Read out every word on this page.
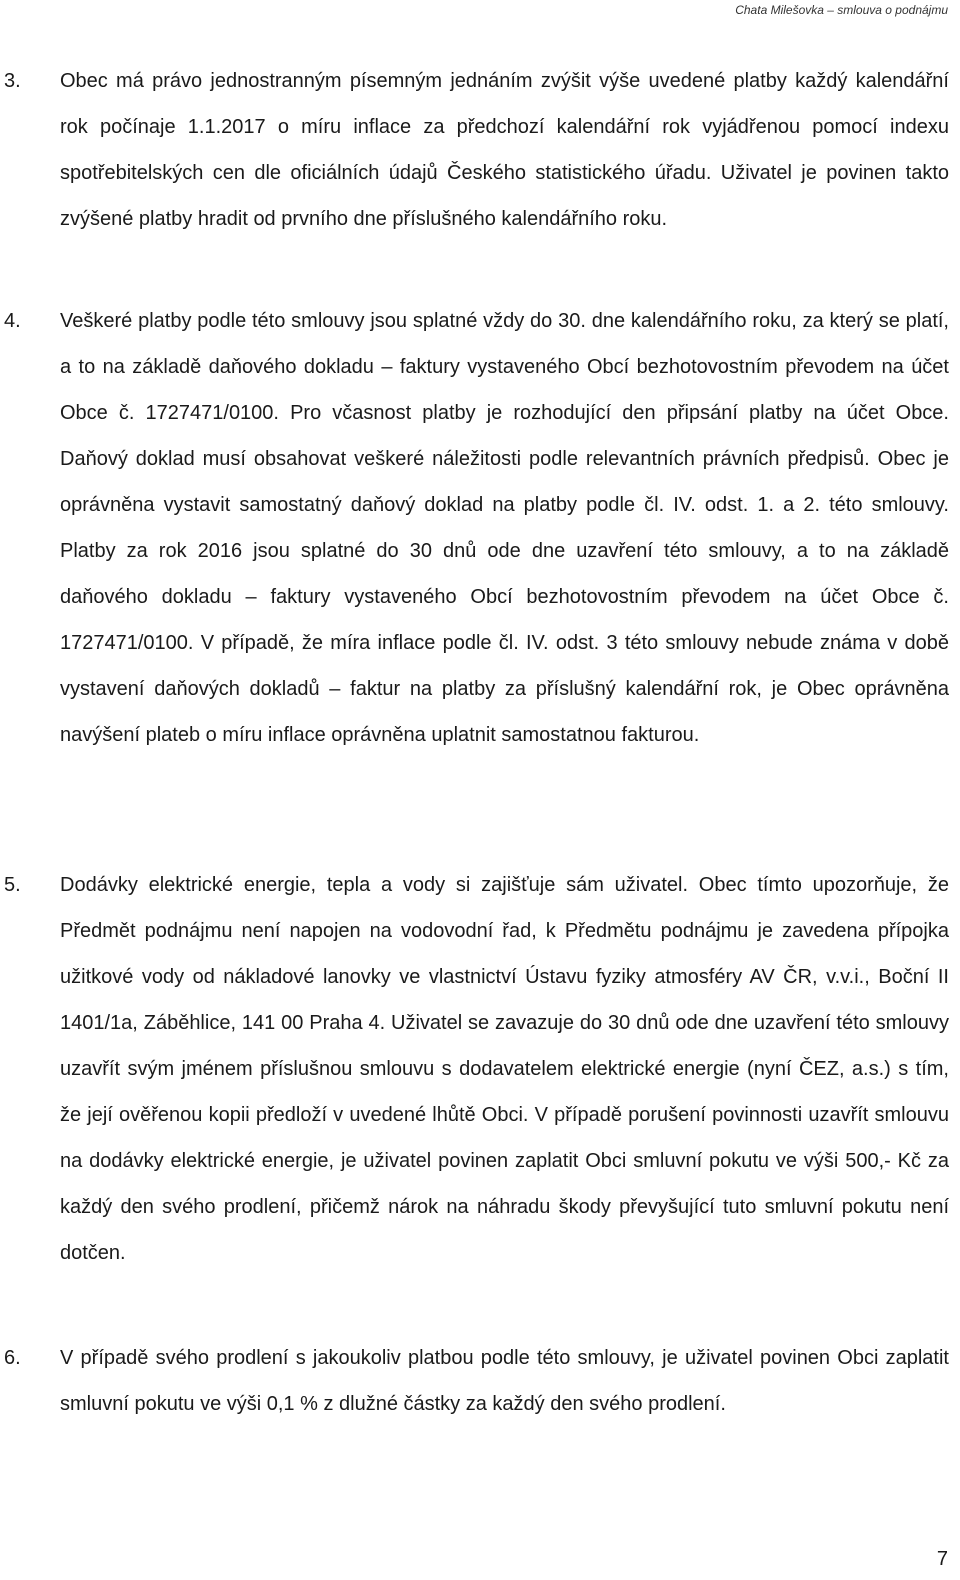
Chata Milešovka – smlouva o podnájmu
3. Obec má právo jednostranným písemným jednáním zvýšit výše uvedené platby každý kalendářní rok počínaje 1.1.2017 o míru inflace za předchozí kalendářní rok vyjádřenou pomocí indexu spotřebitelských cen dle oficiálních údajů Českého statistického úřadu. Uživatel je povinen takto zvýšené platby hradit od prvního dne příslušného kalendářního roku.

4. Veškeré platby podle této smlouvy jsou splatné vždy do 30. dne kalendářního roku, za který se platí, a to na základě daňového dokladu – faktury vystaveného Obcí bezhotovostním převodem na účet Obce č. 1727471/0100. Pro včasnost platby je rozhodující den připsání platby na účet Obce. Daňový doklad musí obsahovat veškeré náležitosti podle relevantních právních předpisů. Obec je oprávněna vystavit samostatný daňový doklad na platby podle čl. IV. odst. 1. a 2. této smlouvy. Platby za rok 2016 jsou splatné do 30 dnů ode dne uzavření této smlouvy, a to na základě daňového dokladu – faktury vystaveného Obcí bezhotovostním převodem na účet Obce č. 1727471/0100. V případě, že míra inflace podle čl. IV. odst. 3 této smlouvy nebude známa v době vystavení daňových dokladů – faktur na platby za příslušný kalendářní rok, je Obec oprávněna navýšení plateb o míru inflace oprávněna uplatnit samostatnou fakturou.

5. Dodávky elektrické energie, tepla a vody si zajišťuje sám uživatel. Obec tímto upozorňuje, že Předmět podnájmu není napojen na vodovodní řad, k Předmětu podnájmu je zavedena přípojka užitkové vody od nákladové lanovky ve vlastnictví Ústavu fyziky atmosféry AV ČR, v.v.i., Boční II 1401/1a, Záběhlice, 141 00 Praha 4. Uživatel se zavazuje do 30 dnů ode dne uzavření této smlouvy uzavřít svým jménem příslušnou smlouvu s dodavatelem elektrické energie (nyní ČEZ, a.s.) s tím, že její ověřenou kopii předloží v uvedené lhůtě Obci. V případě porušení povinnosti uzavřít smlouvu na dodávky elektrické energie, je uživatel povinen zaplatit Obci smluvní pokutu ve výši 500,- Kč za každý den svého prodlení, přičemž nárok na náhradu škody převyšující tuto smluvní pokutu není dotčen.

6. V případě svého prodlení s jakoukoliv platbou podle této smlouvy, je uživatel povinen Obci zaplatit smluvní pokutu ve výši 0,1 % z dlužné částky za každý den svého prodlení.

7
